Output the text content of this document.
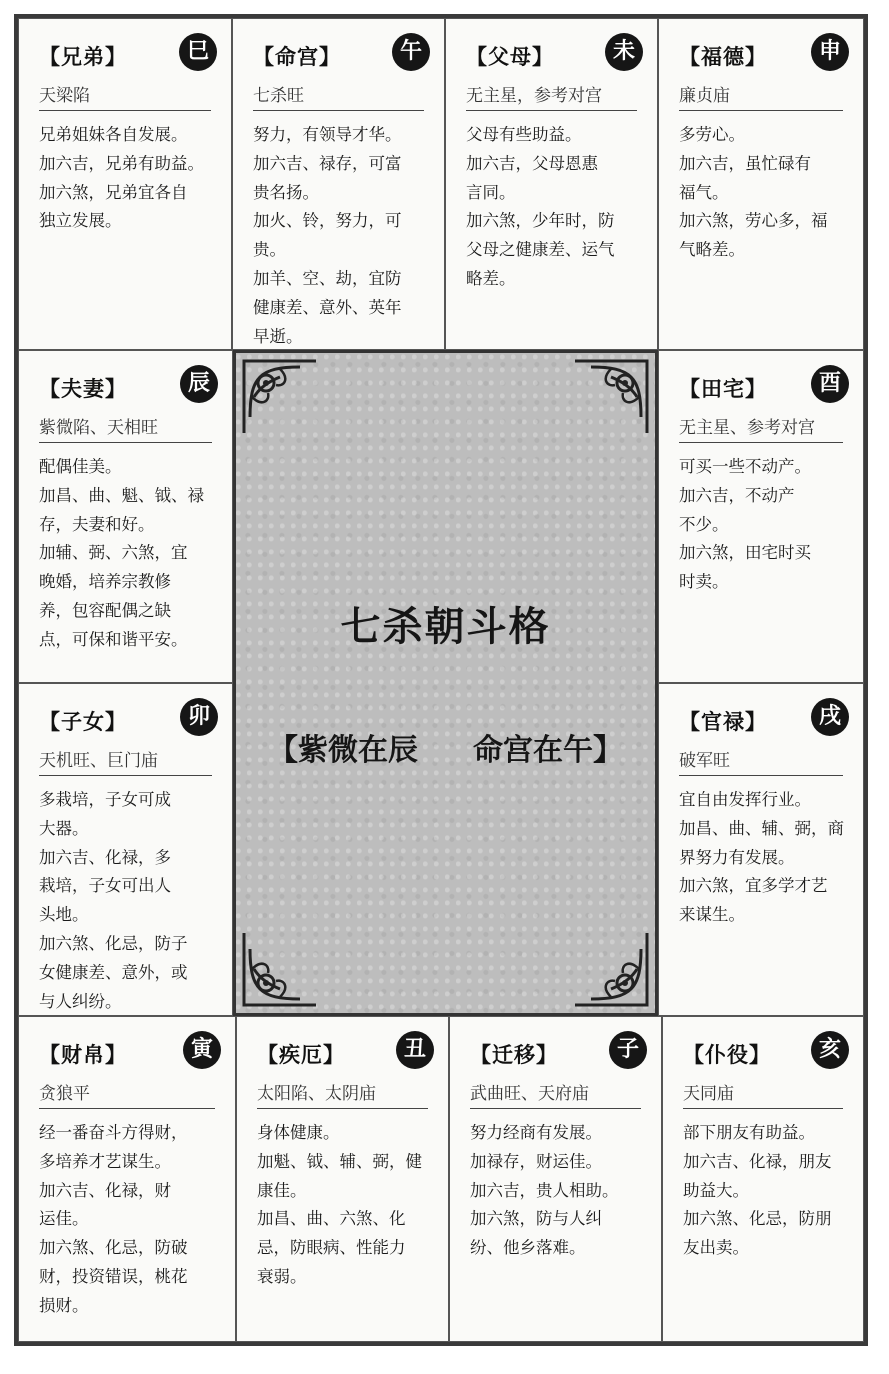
【兄弟】	巳
天梁陷
兄弟姐妹各自发展。
加六吉，兄弟有助益。
加六煞，兄弟宜各自
独立发展。
【命宫】	午
七杀旺
努力，有领导才华。
加六吉、禄存，可富
贵名扬。
加火、铃，努力，可贵。
加羊、空、劫，宜防
健康差、意外、英年
早逝。
【父母】	未
无主星，参考对宫
父母有些助益。
加六吉，父母恩惠
言同。
加六煞，少年时，防
父母之健康差、运气
略差。
【福德】	申
廉贞庙
多劳心。
加六吉，虽忙碌有
福气。
加六煞，劳心多，福
气略差。
【夫妻】	辰
紫微陷、天相旺
配偶佳美。
加昌、曲、魁、钺、禄
存，夫妻和好。
加辅、弼、六煞，宜
晚婚，培养宗教修
养，包容配偶之缺
点，可保和谐平安。
【田宅】	酉
无主星、参考对宫
可买一些不动产。
加六吉，不动产
不少。
加六煞，田宅时买
时卖。
【子女】	卯
天机旺、巨门庙
多栽培，子女可成
大器。
加六吉、化禄，多
栽培，子女可出人
头地。
加六煞、化忌，防子
女健康差、意外，或
与人纠纷。
【官禄】	戌
破军旺
宜自由发挥行业。
加昌、曲、辅、弼，商
界努力有发展。
加六煞，宜多学才艺
来谋生。
七杀朝斗格
【紫微在辰 命宫在午】
【财帛】	寅
贪狼平
经一番奋斗方得财，
多培养才艺谋生。
加六吉、化禄，财
运佳。
加六煞、化忌，防破
财，投资错误，桃花
损财。
【疾厄】	丑
太阳陷、太阴庙
身体健康。
加魁、钺、辅、弼，健
康佳。
加昌、曲、六煞、化
忌，防眼病、性能力
衰弱。
【迁移】	子
武曲旺、天府庙
努力经商有发展。
加禄存，财运佳。
加六吉，贵人相助。
加六煞，防与人纠
纷、他乡落难。
【仆役】	亥
天同庙
部下朋友有助益。
加六吉、化禄，朋友
助益大。
加六煞、化忌，防朋
友出卖。
